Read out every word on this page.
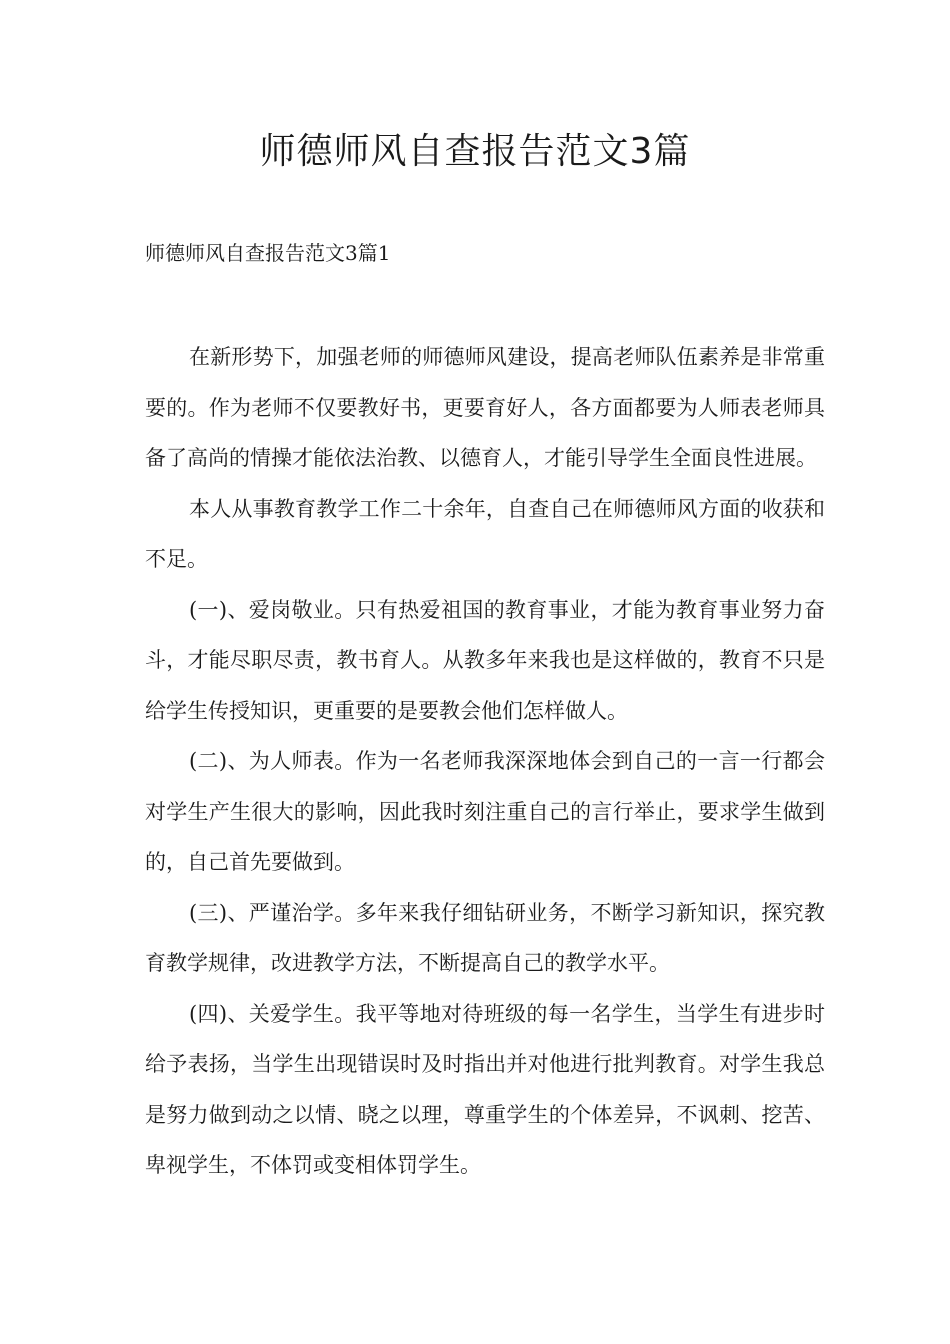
师德师风自查报告范文3篇

师德师风自查报告范文3篇1

在新形势下，加强老师的师德师风建设，提高老师队伍素养是非常重要的。作为老师不仅要教好书，更要育好人，各方面都要为人师表老师具备了高尚的情操才能依法治教、以德育人，才能引导学生全面良性进展。

本人从事教育教学工作二十余年，自查自己在师德师风方面的收获和不足。

(一)、爱岗敬业。只有热爱祖国的教育事业，才能为教育事业努力奋斗，才能尽职尽责，教书育人。从教多年来我也是这样做的，教育不只是给学生传授知识，更重要的是要教会他们怎样做人。

(二)、为人师表。作为一名老师我深深地体会到自己的一言一行都会对学生产生很大的影响，因此我时刻注重自己的言行举止，要求学生做到的，自己首先要做到。

(三)、严谨治学。多年来我仔细钻研业务，不断学习新知识，探究教育教学规律，改进教学方法，不断提高自己的教学水平。

(四)、关爱学生。我平等地对待班级的每一名学生，当学生有进步时给予表扬，当学生出现错误时及时指出并对他进行批判教育。对学生我总是努力做到动之以情、晓之以理，尊重学生的个体差异，不讽刺、挖苦、卑视学生，不体罚或变相体罚学生。
